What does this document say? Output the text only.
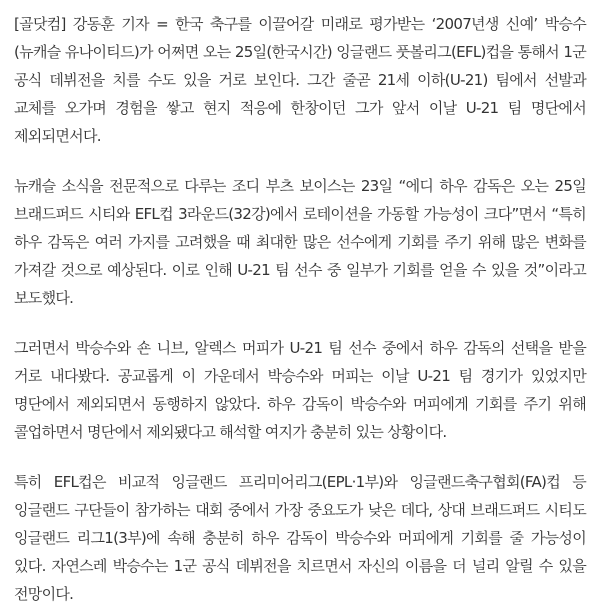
[골닷컴] 강동훈 기자 = 한국 축구를 이끌어갈 미래로 평가받는 ‘2007년생 신예’ 박승수(뉴캐슬 유나이티드)가 어쩌면 오는 25일(한국시간) 잉글랜드 풋볼리그(EFL)컵을 통해서 1군 공식 데뷔전을 치를 수도 있을 거로 보인다. 그간 줄곧 21세 이하(U-21) 팀에서 선발과 교체를 오가며 경험을 쌓고 현지 적응에 한창이던 그가 앞서 이날 U-21 팀 명단에서 제외되면서다.

뉴캐슬 소식을 전문적으로 다루는 조디 부츠 보이스는 23일 “에디 하우 감독은 오는 25일 브래드퍼드 시티와 EFL컵 3라운드(32강)에서 로테이션을 가동할 가능성이 크다”면서 “특히 하우 감독은 여러 가지를 고려했을 때 최대한 많은 선수에게 기회를 주기 위해 많은 변화를 가져갈 것으로 예상된다. 이로 인해 U-21 팀 선수 중 일부가 기회를 얻을 수 있을 것”이라고 보도했다.

그러면서 박승수와 숀 니브, 알렉스 머피가 U-21 팀 선수 중에서 하우 감독의 선택을 받을 거로 내다봤다. 공교롭게 이 가운데서 박승수와 머피는 이날 U-21 팀 경기가 있었지만 명단에서 제외되면서 동행하지 않았다. 하우 감독이 박승수와 머피에게 기회를 주기 위해 콜업하면서 명단에서 제외됐다고 해석할 여지가 충분히 있는 상황이다.

특히 EFL컵은 비교적 잉글랜드 프리미어리그(EPL·1부)와 잉글랜드축구협회(FA)컵 등 잉글랜드 구단들이 참가하는 대회 중에서 가장 중요도가 낮은 데다, 상대 브래드퍼드 시티도 잉글랜드 리그1(3부)에 속해 충분히 하우 감독이 박승수와 머피에게 기회를 줄 가능성이 있다. 자연스레 박승수는 1군 공식 데뷔전을 치르면서 자신의 이름을 더 널리 알릴 수 있을 전망이다.
